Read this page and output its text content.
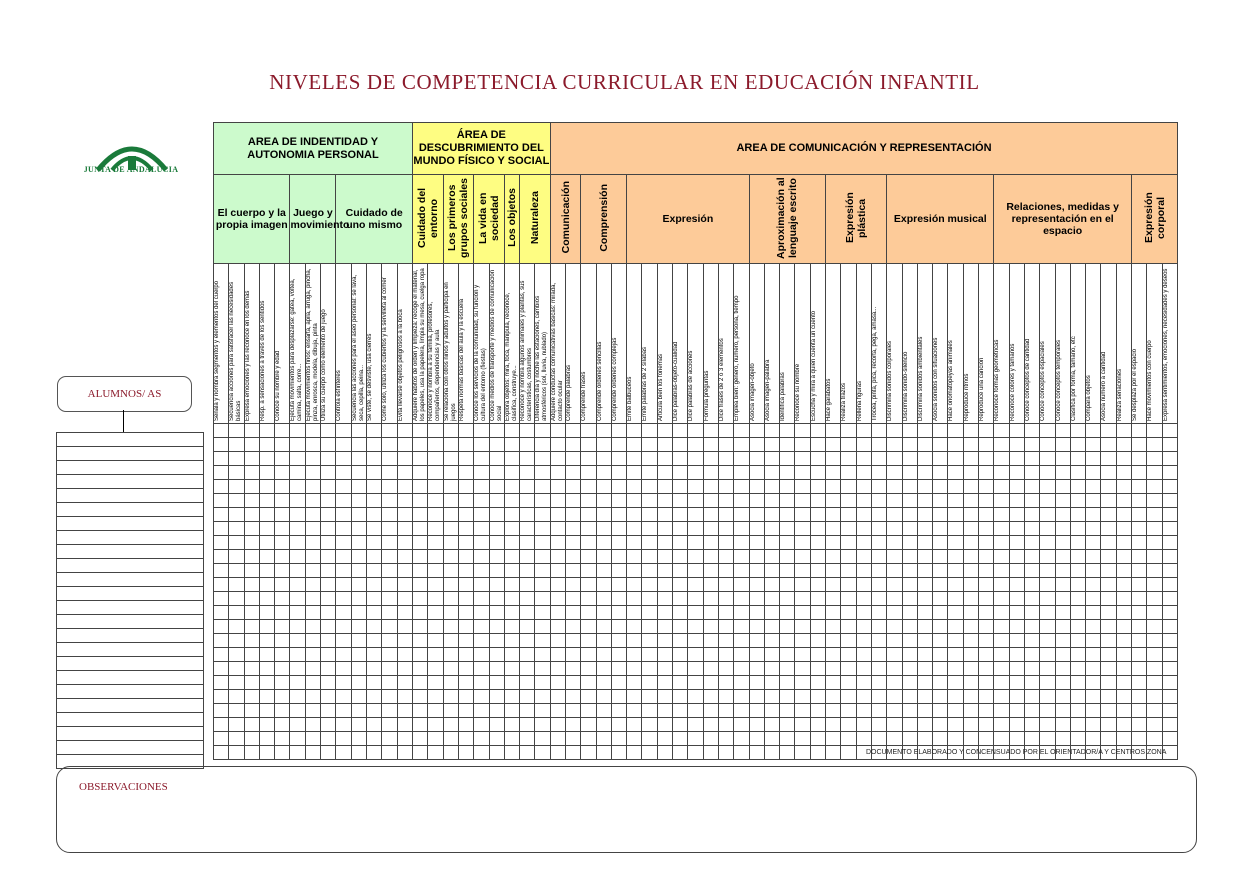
NIVELES DE COMPETENCIA CURRICULAR EN EDUCACIÓN INFANTIL
JUNTA DE ANDALUCIA
ALUMNOS/ AS
AREA DE INDENTIDAD Y AUTONOMIA PERSONAL													ÁREA DE DESCUBRIMIENTO DEL MUNDO FÍSICO Y SOCIAL									AREA DE COMUNICACIÓN Y REPRESENTACIÓN																																								
El cuerpo y la propia imagen					Juego y movimiento			Cuidado de uno mismo					Cuidado del entorno		Los primeros grupos sociales		La vida en sociedad		Los objetos	Naturaleza		Comunicación		Comprensión			Expresión								Aproximación al lenguaje escrito					Expresión plástica				Expresión musical							Relaciones, medidas y representación en el espacio									Expresión corporal		

Señala y nombra segmentos y elementos del cuerpo	Secuencia acciones para satisfacer las necesidades básicas	Expresa emociones y las reconoce en los demás	Resp. a sensaciones a través de los sentidos	Conoce su nombre y edad	Ejecuta movimientos para desplazarse: gatea, voltea, camina, salta, corre...	Ejecuta movimientos finos: ensarta, apila, arruga, pincha, pinza, enrosca, modela, dibuja, pinta	Utiliza su cuerpo como elemento de juego	Controla esfínteres	Secuencia las acciones para el aseo personal: se lava, seca, cepilla, peina...	Se viste, se desviste, usa cierres	Come solo, utiliza los cubiertos y la servilleta al comer	Evita llevarse objetos peligrosos a la boca	Adquiere hábitos de orden y limpieza: recoge el material, los papeles, usa la papelera, limpia su mesa, cuelga ropa	Reconoce y nombra a su familia, profesores, compañeros, dependencias y aula	Se relaciona con otros niños y adultos y participa en juegos	Respeta normas básicas del aula y la escuela	Conoce los servicios de la comunidad, su función y cultura del entorno (fiestas)	Conoce medios de transporte y medios de comunicación social	Explora objetos: mira, toca, manipula, reconoce, clasifica, construye...	Reconoce y nombra algunos animales y plantas, sus características, costumbres	Diferencia día y noche las estaciones, cambios atmosféricos (sol, lluvia, nublado)	Adquiere conductas comunicativas básicas: mirada, contacto ocular	Comprende palabras	Comprende frases	Comprende órdenes sencillas	Comprende órdenes complejas	Emite balbuceos	Emite palabras de 2 sílabas	Articula bien los fonemas	Dice palabras-objeto-cualidad	Dice palabras de acciones	Formula preguntas	Dice frases de 2 o 3 elementos	Emplea bien: género, número, persona, tiempo	Asocia imagen-objeto	Asocia imagen-palabra	Identifica palabras	Reconoce su nombre	Escucha y mira a quien cuenta un cuento	Hace garabatos	Realiza trazos	Rellena figuras	Trocea, pinta, pica, recorta, pega, amasa...	Discrimina sonidos corporales	Discrimina sonido-silencio	Discrimina sonidos ambientales	Asocia sonidos con situaciones	Hace onomatopeyas animales	Reproduce ritmos	Reproduce una canción	Reconoce formas geométricas	Reconoce colores y tamaños	Conoce conceptos de cantidad	Conoce conceptos espaciales	Conoce conceptos temporales	Clasifica por forma, tamaño, etc	Compara objetos	Asocia número a cantidad	Realiza seriaciones	Se desplaza por el espacio	Hace movimientos con cuerpo	Expresa sentimientos, emociones, necesidades y deseos

DOCUMENTO ELABORADO Y CONCENSUADO POR EL ORIENTADOR/A Y CENTROS ZONA
OBSERVACIONES
